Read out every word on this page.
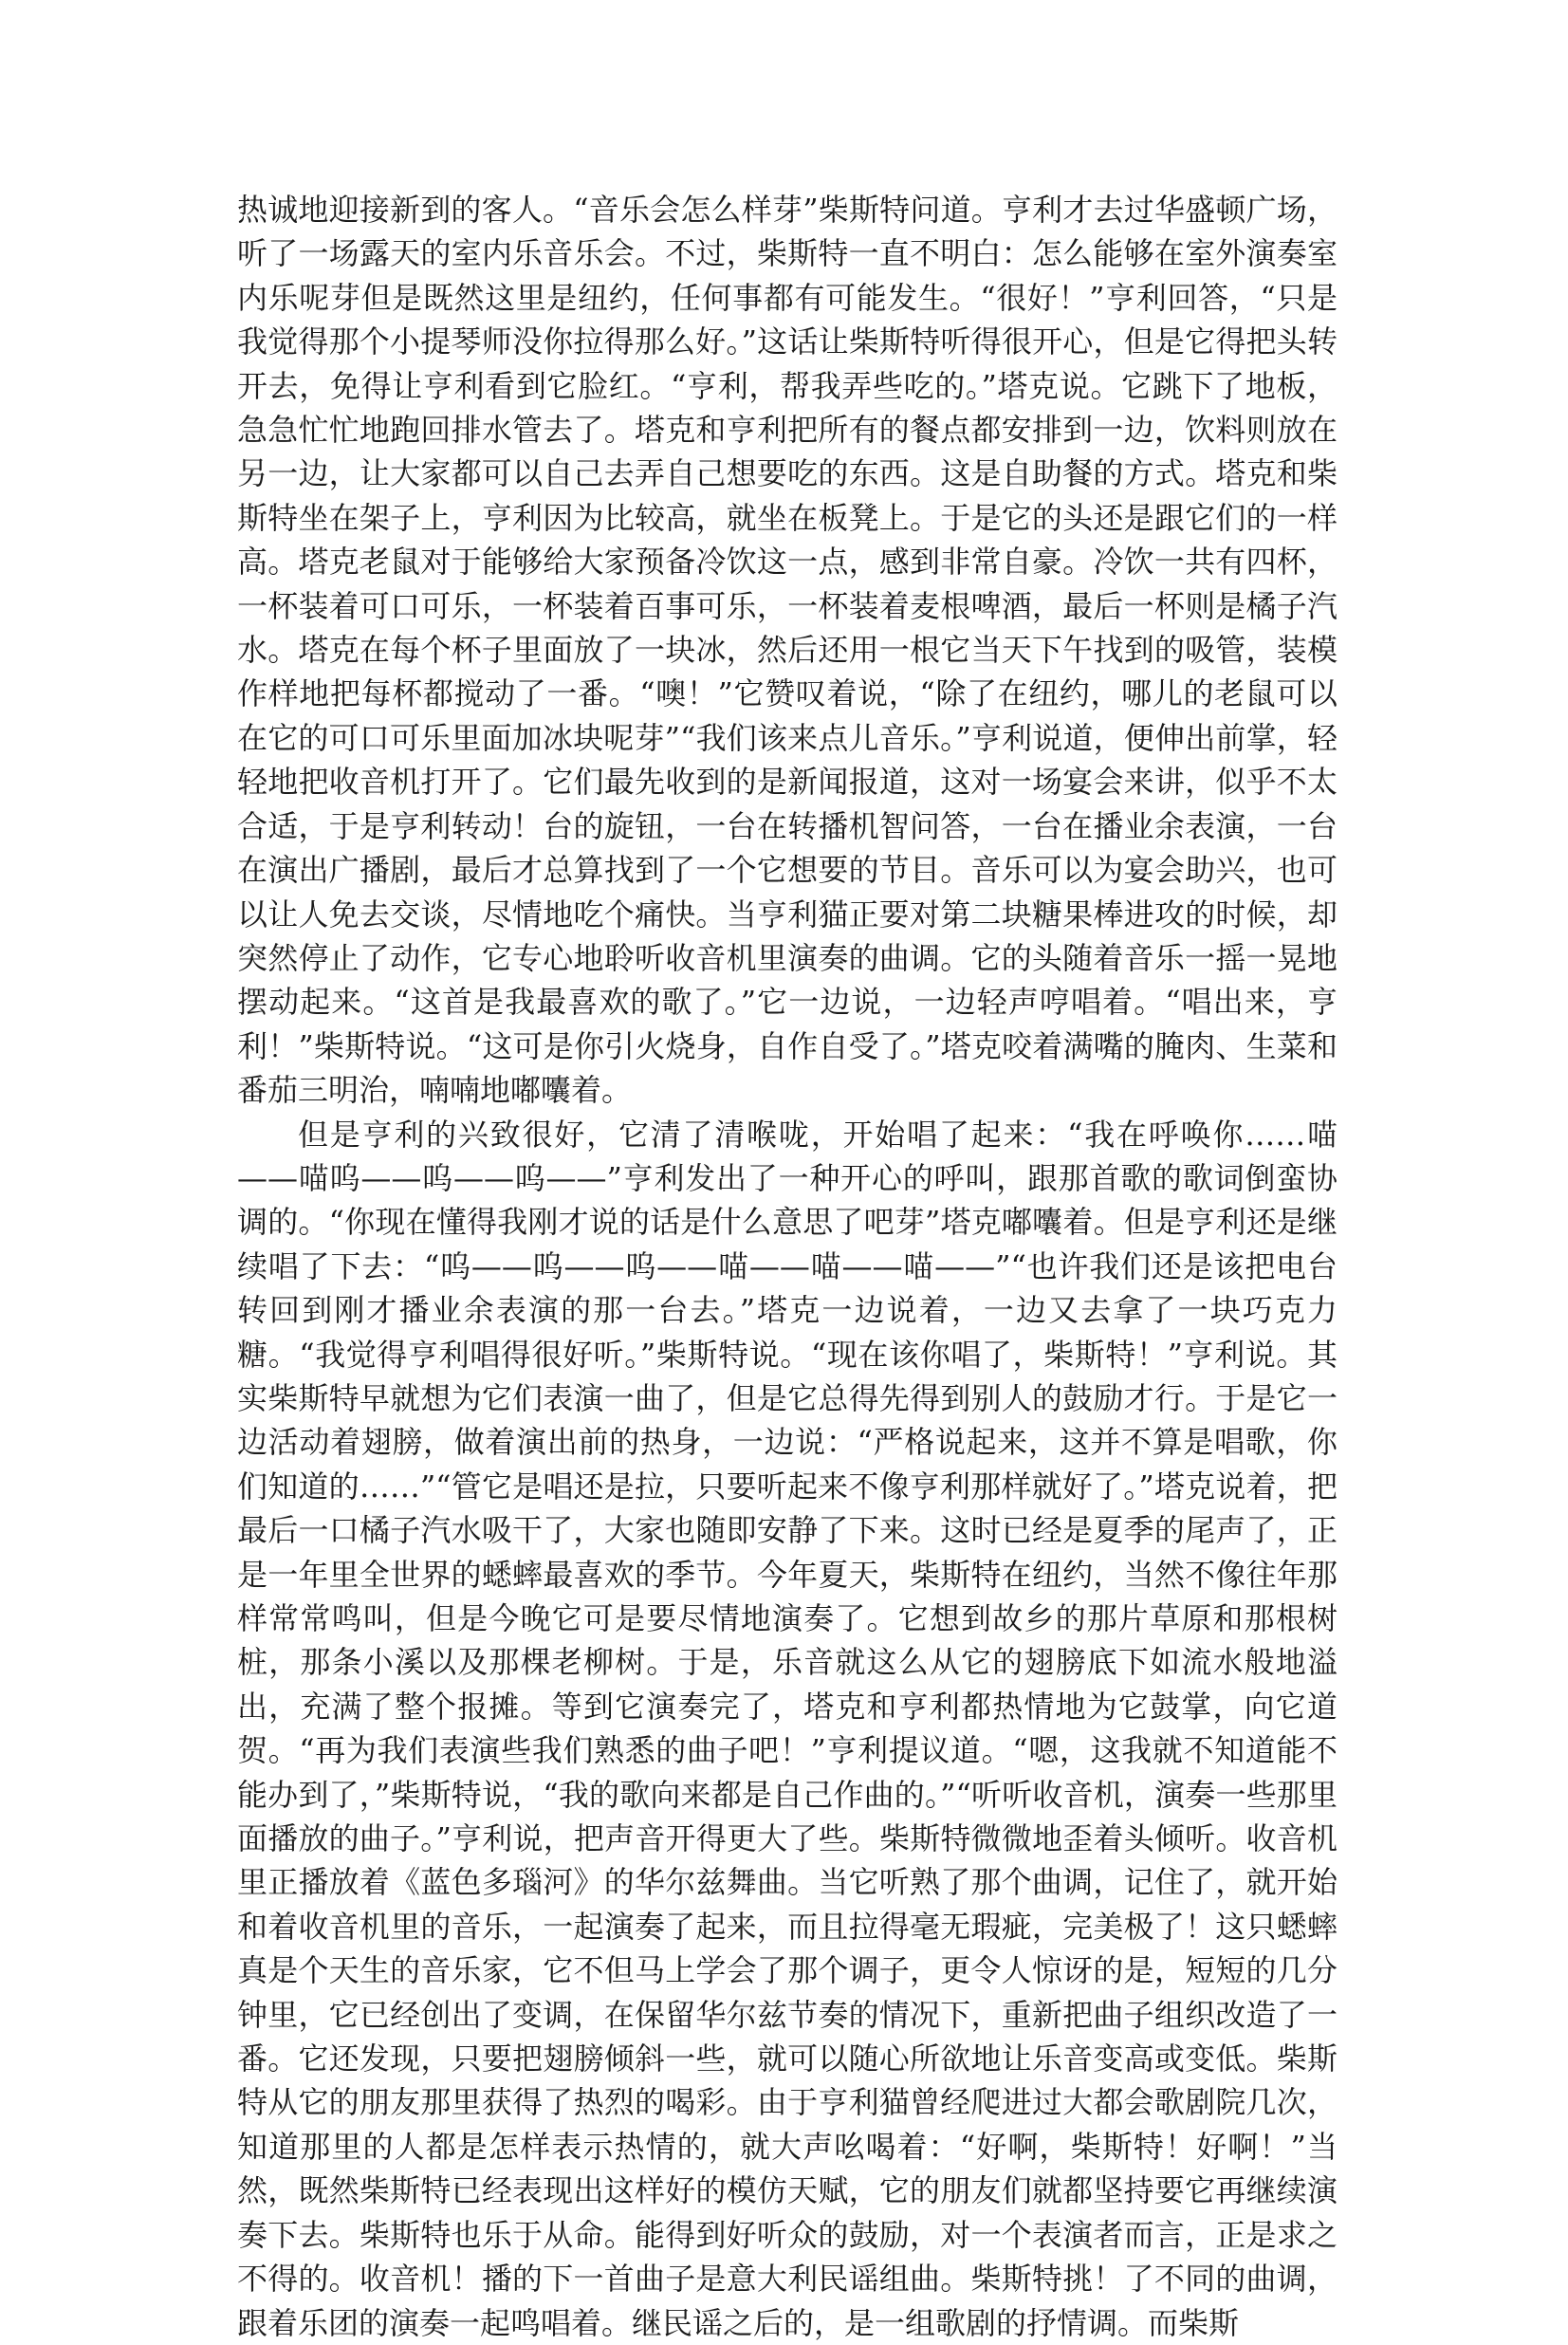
热诚地迎接新到的客人。“音乐会怎么样芽”柴斯特问道。亨利才去过华盛顿广场，听了一场露天的室内乐音乐会。不过，柴斯特一直不明白：怎么能够在室外演奏室内乐呢芽但是既然这里是纽约，任何事都有可能发生。“很好！”亨利回答，“只是我觉得那个小提琴师没你拉得那么好。”这话让柴斯特听得很开心，但是它得把头转开去，免得让亨利看到它脸红。“亨利，帮我弄些吃的。”塔克说。它跳下了地板，急急忙忙地跑回排水管去了。塔克和亨利把所有的餐点都安排到一边，饮料则放在另一边，让大家都可以自己去弄自己想要吃的东西。这是自助餐的方式。塔克和柴斯特坐在架子上，亨利因为比较高，就坐在板凳上。于是它的头还是跟它们的一样高。塔克老鼠对于能够给大家预备冷饮这一点，感到非常自豪。冷饮一共有四杯，一杯装着可口可乐，一杯装着百事可乐，一杯装着麦根啤酒，最后一杯则是橘子汽水。塔克在每个杯子里面放了一块冰，然后还用一根它当天下午找到的吸管，装模作样地把每杯都搅动了一番。“噢！”它赞叹着说，“除了在纽约，哪儿的老鼠可以在它的可口可乐里面加冰块呢芽”“我们该来点儿音乐。”亨利说道，便伸出前掌，轻轻地把收音机打开了。它们最先收到的是新闻报道，这对一场宴会来讲，似乎不太合适，于是亨利转动！台的旋钮，一台在转播机智问答，一台在播业余表演，一台在演出广播剧，最后才总算找到了一个它想要的节目。音乐可以为宴会助兴，也可以让人免去交谈，尽情地吃个痛快。当亨利猫正要对第二块糖果棒进攻的时候，却突然停止了动作，它专心地聆听收音机里演奏的曲调。它的头随着音乐一摇一晃地摆动起来。“这首是我最喜欢的歌了。”它一边说，一边轻声哼唱着。“唱出来，亨利！”柴斯特说。“这可是你引火烧身，自作自受了。”塔克咬着满嘴的腌肉、生菜和番茄三明治，喃喃地嘟囔着。

但是亨利的兴致很好，它清了清喉咙，开始唱了起来：“我在呼唤你……喵——喵呜——呜——呜——”亨利发出了一种开心的呼叫，跟那首歌的歌词倒蛮协调的。“你现在懂得我刚才说的话是什么意思了吧芽”塔克嘟囔着。但是亨利还是继续唱了下去：“呜——呜——呜——喵——喵——喵——”“也许我们还是该把电台转回到刚才播业余表演的那一台去。”塔克一边说着，一边又去拿了一块巧克力糖。“我觉得亨利唱得很好听。”柴斯特说。“现在该你唱了，柴斯特！”亨利说。其实柴斯特早就想为它们表演一曲了，但是它总得先得到别人的鼓励才行。于是它一边活动着翅膀，做着演出前的热身，一边说：“严格说起来，这并不算是唱歌，你们知道的……”“管它是唱还是拉，只要听起来不像亨利那样就好了。”塔克说着，把最后一口橘子汽水吸干了，大家也随即安静了下来。这时已经是夏季的尾声了，正是一年里全世界的蟋蟀最喜欢的季节。今年夏天，柴斯特在纽约，当然不像往年那样常常鸣叫，但是今晚它可是要尽情地演奏了。它想到故乡的那片草原和那根树桩，那条小溪以及那棵老柳树。于是，乐音就这么从它的翅膀底下如流水般地溢出，充满了整个报摊。等到它演奏完了，塔克和亨利都热情地为它鼓掌，向它道贺。“再为我们表演些我们熟悉的曲子吧！”亨利提议道。“嗯，这我就不知道能不能办到了，”柴斯特说，“我的歌向来都是自己作曲的。”“听听收音机，演奏一些那里面播放的曲子。”亨利说，把声音开得更大了些。柴斯特微微地歪着头倾听。收音机里正播放着《蓝色多瑙河》的华尔兹舞曲。当它听熟了那个曲调，记住了，就开始和着收音机里的音乐，一起演奏了起来，而且拉得毫无瑕疵，完美极了！这只蟋蟀真是个天生的音乐家，它不但马上学会了那个调子，更令人惊讶的是，短短的几分钟里，它已经创出了变调，在保留华尔兹节奏的情况下，重新把曲子组织改造了一番。它还发现，只要把翅膀倾斜一些，就可以随心所欲地让乐音变高或变低。柴斯特从它的朋友那里获得了热烈的喝彩。由于亨利猫曾经爬进过大都会歌剧院几次，知道那里的人都是怎样表示热情的，就大声吆喝着：“好啊，柴斯特！好啊！”当然，既然柴斯特已经表现出这样好的模仿天赋，它的朋友们就都坚持要它再继续演奏下去。柴斯特也乐于从命。能得到好听众的鼓励，对一个表演者而言，正是求之不得的。收音机！播的下一首曲子是意大利民谣组曲。柴斯特挑！了不同的曲调，跟着乐团的演奏一起鸣唱着。继民谣之后的，是一组歌剧的抒情调。而柴斯
